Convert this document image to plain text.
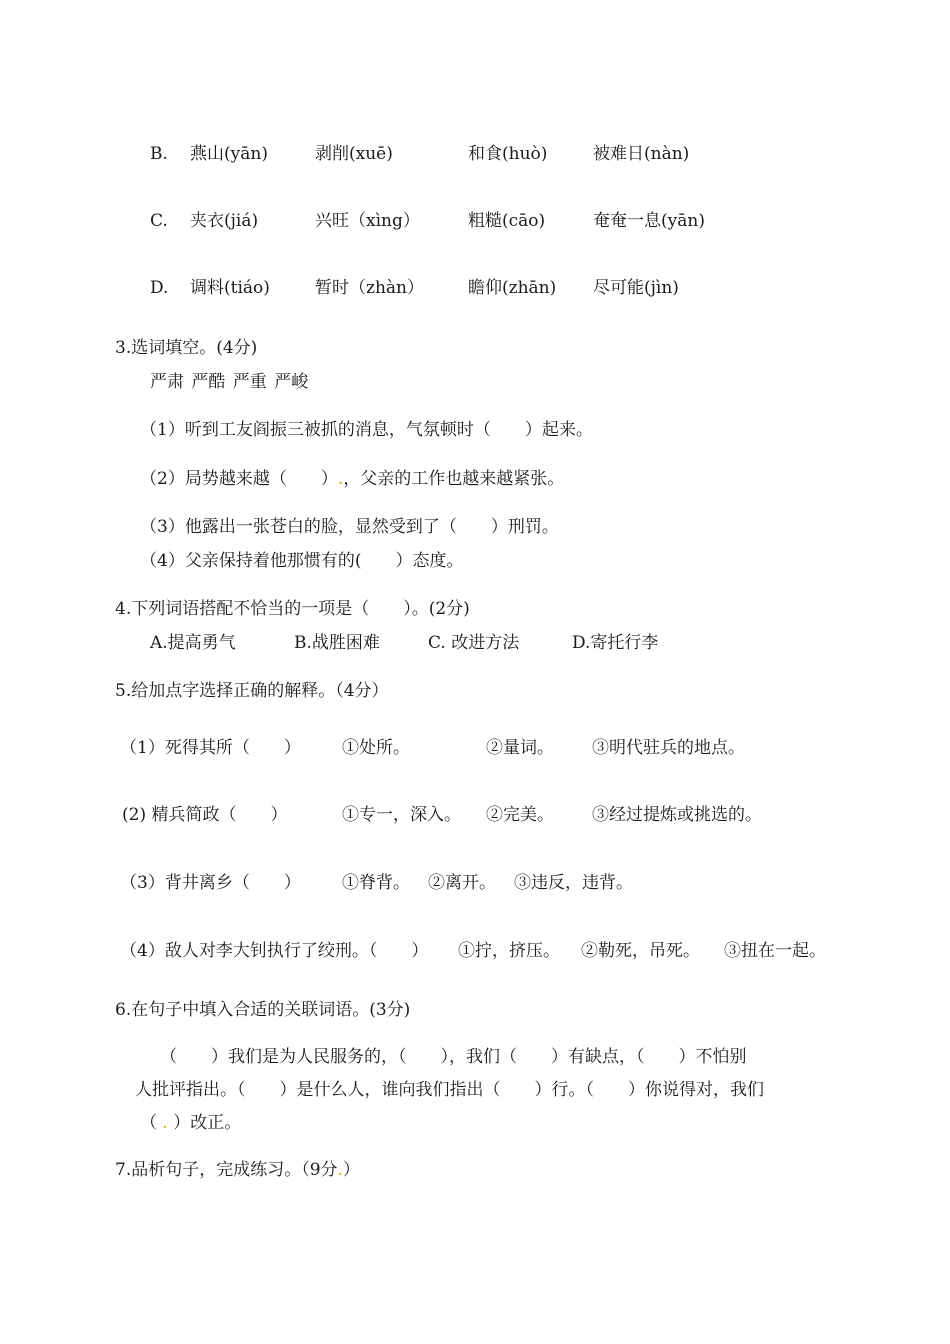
B. 燕山(yān)	剥削(xuē)	和食(huò)	被难日(nàn)
C. 夹衣(jiá)	兴旺（xìng）	粗糙(cāo)	奄奄一息(yān)
D. 调料(tiáo)	暂时（zhàn）	瞻仰(zhān) 尽可能(jìn)
3.选词填空。(4分)
严肃 严酷 严重 严峻
（1）听到工友阎振三被抓的消息，气氛顿时（　　）起来。
（2）局势越来越（　　）.，父亲的工作也越来越紧张。
（3）他露出一张苍白的脸，显然受到了（　　）刑罚。
（4）父亲保持着他那惯有的(　　）态度。
4.下列词语搭配不恰当的一项是（　　）。(2分)
A.提高勇气	B.战胜困难	C. 改进方法	D.寄托行李
5.给加点字选择正确的解释。（4分）
（1）死得其所（　　） ①处所。	②量词。 ③明代驻兵的地点。
(2) 精兵简政（　　）	①专一，深入。 ②完美。 ③经过提炼或挑选的。
（3）背井离乡（　　） ①脊背。 ②离开。 ③违反，违背。
（4）敌人对李大钊执行了绞刑。（　　） ①拧，挤压。 ②勒死，吊死。 ③扭在一起。
6.在句子中填入合适的关联词语。(3分)
（　　）我们是为人民服务的，（　　），我们（　　）有缺点，（　　）不怕别
人批评指出。（　　）是什么人，谁向我们指出（　　）行。（　　）你说得对，我们
（ . ）改正。
7.品析句子，完成练习。（9分.）
